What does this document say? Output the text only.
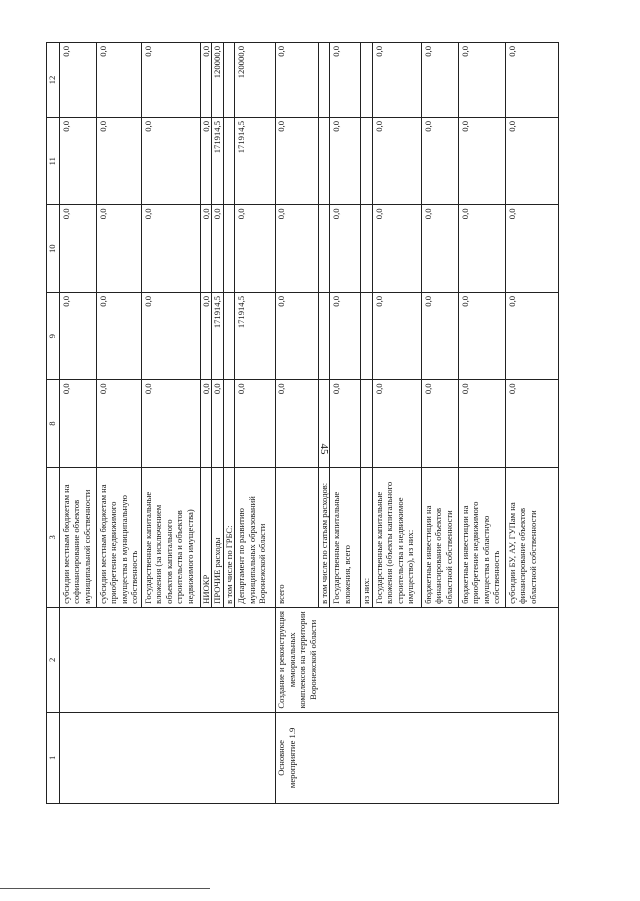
45
1	2	3	8	9	10	11	12
		субсидии местным бюджетам на софинансирование объектов муниципальной собственности	0,0	0,0	0,0	0,0	0,0
		субсидии местным бюджетам на приобретение недвижимого имущества в муниципальную собственность	0,0	0,0	0,0	0,0	0,0
		Государственные капитальные вложения (за исключением объектов капитального строительства и объектов недвижимого имущества)	0,0	0,0	0,0	0,0	0,0
		НИОКР	0,0	0,0	0,0	0,0	0,0
		ПРОЧИЕ расходы	0,0	171914,5	0,0	171914,5	120000,0
		в том числе по ГРБС:					
		Департамент по развитию муниципальных образований Воронежской области	0,0	171914,5	0,0	171914,5	120000,0
Основное мероприятие 1.9	Создание и реконструкция мемориальных комплексов на территории Воронежской области	всего	0,0	0,0	0,0	0,0	0,0
		в том числе по статьям расходов:					
		Государственные капитальные вложения, всего	0,0	0,0	0,0	0,0	0,0
		из них:					
		Государственные капитальные вложения (объекты капитального строительства и недвижимое имущество), из них:	0,0	0,0	0,0	0,0	0,0
		бюджетные инвестиции на финансирование объектов областной собственности	0,0	0,0	0,0	0,0	0,0
		бюджетные инвестиции на приобретение недвижимого имущества в областную собственность	0,0	0,0	0,0	0,0	0,0
		субсидии БУ, АУ, ГУПам на финансирование объектов областной собственности	0,0	0,0	0,0	0,0	0,0
